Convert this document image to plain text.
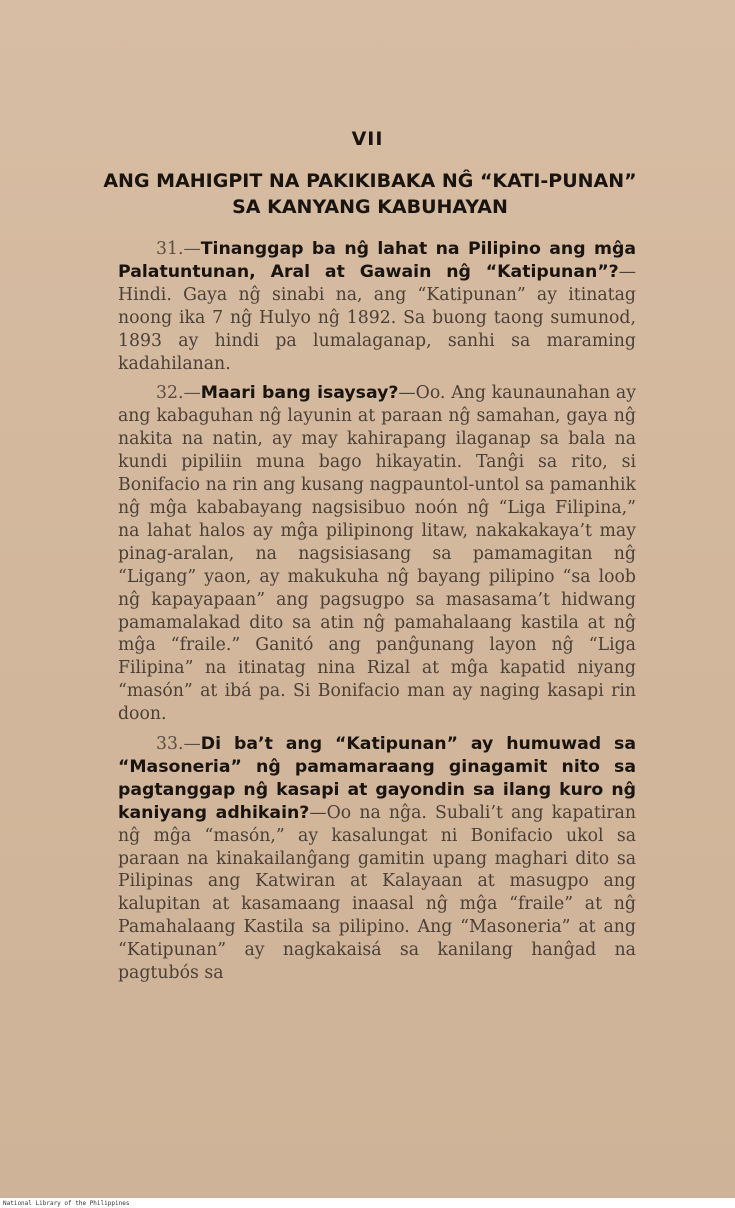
VII
ANG MAHIGPIT NA PAKIKIBAKA NĜ “KATI-PUNAN” SA KANYANG KABUHAYAN

31.—Tinanggap ba nĝ lahat na Pilipino ang mĝa Palatuntunan, Aral at Gawain nĝ “Katipunan”?—Hindi. Gaya nĝ sinabi na, ang “Katipunan” ay itinatag noong ika 7 nĝ Hulyo nĝ 1892. Sa buong taong sumunod, 1893 ay hindi pa lumalaganap, sanhi sa maraming kadahilanan.

32.—Maari bang isaysay?—Oo. Ang kaunaunahan ay ang kabaguhan nĝ layunin at paraan nĝ samahan, gaya nĝ nakita na natin, ay may kahirapang ilaganap sa bala na kundi pipiliin muna bago hikayatin. Tanĝi sa rito, si Bonifacio na rin ang kusang nagpauntol-untol sa pamanhik nĝ mĝa kababayang nagsisibuo noón nĝ “Liga Filipina,” na lahat halos ay mĝa pilipinong litaw, nakakakaya’t may pinag-aralan, na nagsisiasang sa pamamagitan nĝ “Ligang” yaon, ay makukuha nĝ bayang pilipino “sa loob nĝ kapayapaan” ang pagsugpo sa masasama’t hidwang pamamalakad dito sa atin nĝ pamahalaang kastila at nĝ mĝa “fraile.” Ganitó ang panĝunang layon nĝ “Liga Filipina” na itinatag nina Rizal at mĝa kapatid niyang “masón” at ibá pa. Si Bonifacio man ay naging kasapi rin doon.

33.—Di ba’t ang “Katipunan” ay humuwad sa “Masoneria” nĝ pamamaraang ginagamit nito sa pagtanggap nĝ kasapi at gayondin sa ilang kuro nĝ kaniyang adhikain?—Oo na nĝa. Subali’t ang kapatiran nĝ mĝa “masón,” ay kasalungat ni Bonifacio ukol sa paraan na kinakailanĝang gamitin upang maghari dito sa Pilipinas ang Katwiran at Kalayaan at masugpo ang kalupitan at kasamaang inaasal nĝ mĝa “fraile” at nĝ Pamahalaang Kastila sa pilipino. Ang “Masoneria” at ang “Katipunan” ay nagkakaisá sa kanilang hanĝad na pagtubós sa

National Library of the Philippines
